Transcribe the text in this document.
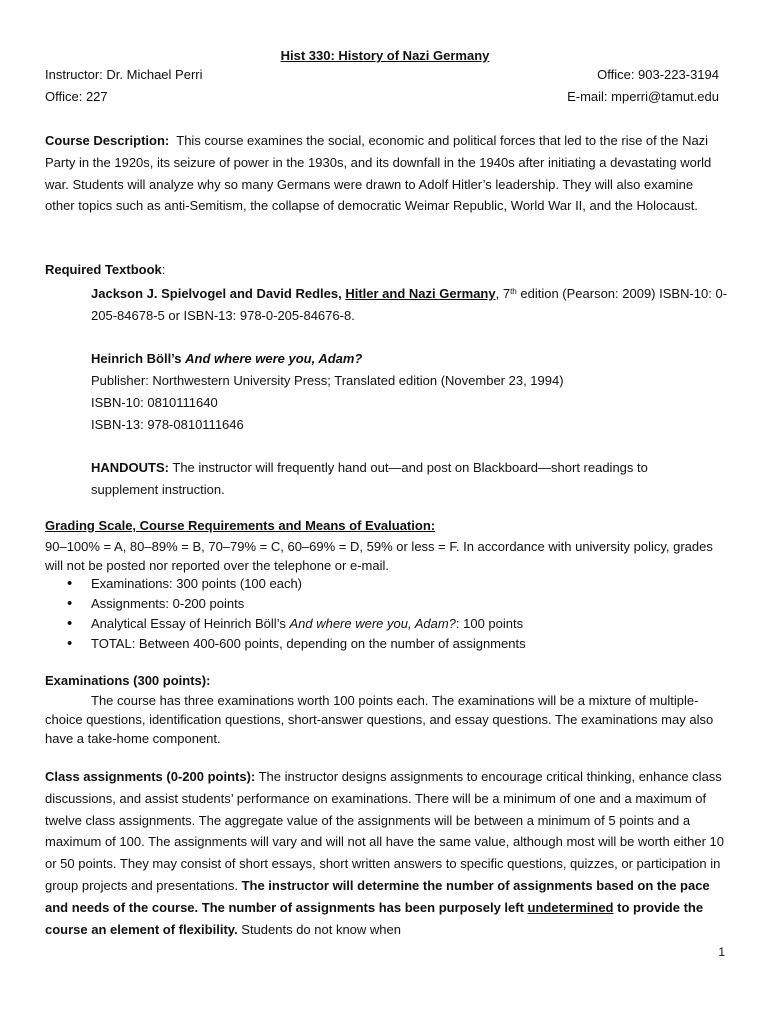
Hist 330: History of Nazi Germany
Instructor: Dr. Michael Perri	Office: 903-223-3194
Office: 227	E-mail: mperri@tamut.edu
Course Description: This course examines the social, economic and political forces that led to the rise of the Nazi Party in the 1920s, its seizure of power in the 1930s, and its downfall in the 1940s after initiating a devastating world war. Students will analyze why so many Germans were drawn to Adolf Hitler’s leadership. They will also examine other topics such as anti-Semitism, the collapse of democratic Weimar Republic, World War II, and the Holocaust.
Required Textbook:
Jackson J. Spielvogel and David Redles, Hitler and Nazi Germany, 7th edition (Pearson: 2009) ISBN-10: 0-205-84678-5 or ISBN-13: 978-0-205-84676-8.
Heinrich Böll’s And where were you, Adam?
Publisher: Northwestern University Press; Translated edition (November 23, 1994)
ISBN-10: 0810111640
ISBN-13: 978-0810111646
HANDOUTS: The instructor will frequently hand out—and post on Blackboard—short readings to supplement instruction.
Grading Scale, Course Requirements and Means of Evaluation:
90–100% = A, 80–89% = B, 70–79% = C, 60–69% = D, 59% or less = F. In accordance with university policy, grades will not be posted nor reported over the telephone or e-mail.
• Examinations: 300 points (100 each)
• Assignments: 0-200 points
• Analytical Essay of Heinrich Böll’s And where were you, Adam?: 100 points
• TOTAL: Between 400-600 points, depending on the number of assignments
Examinations (300 points):
The course has three examinations worth 100 points each. The examinations will be a mixture of multiple-choice questions, identification questions, short-answer questions, and essay questions. The examinations may also have a take-home component.
Class assignments (0-200 points): The instructor designs assignments to encourage critical thinking, enhance class discussions, and assist students’ performance on examinations. There will be a minimum of one and a maximum of twelve class assignments. The aggregate value of the assignments will be between a minimum of 5 points and a maximum of 100. The assignments will vary and will not all have the same value, although most will be worth either 10 or 50 points. They may consist of short essays, short written answers to specific questions, quizzes, or participation in group projects and presentations. The instructor will determine the number of assignments based on the pace and needs of the course. The number of assignments has been purposely left undetermined to provide the course an element of flexibility. Students do not know when
1
